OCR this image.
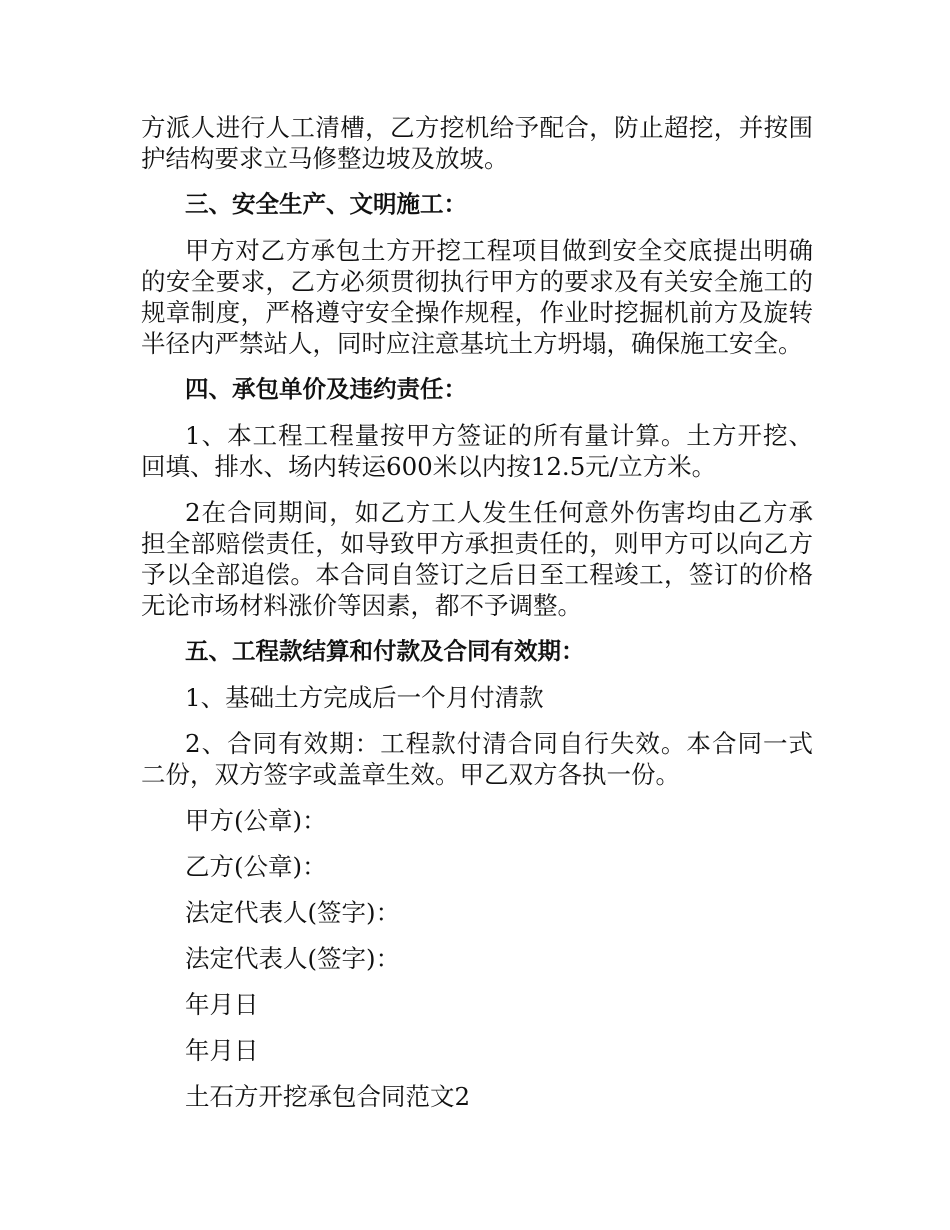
方派人进行人工清槽，乙方挖机给予配合，防止超挖，并按围护结构要求立马修整边坡及放坡。

三、安全生产、文明施工：

甲方对乙方承包土方开挖工程项目做到安全交底提出明确的安全要求，乙方必须贯彻执行甲方的要求及有关安全施工的规章制度，严格遵守安全操作规程，作业时挖掘机前方及旋转半径内严禁站人，同时应注意基坑土方坍塌，确保施工安全。

四、承包单价及违约责任：

1、本工程工程量按甲方签证的所有量计算。土方开挖、回填、排水、场内转运600米以内按12.5元/立方米。

2在合同期间，如乙方工人发生任何意外伤害均由乙方承担全部赔偿责任，如导致甲方承担责任的，则甲方可以向乙方予以全部追偿。本合同自签订之后日至工程竣工，签订的价格无论市场材料涨价等因素，都不予调整。

五、工程款结算和付款及合同有效期：

1、基础土方完成后一个月付清款

2、合同有效期：工程款付清合同自行失效。本合同一式二份，双方签字或盖章生效。甲乙双方各执一份。

甲方(公章)：

乙方(公章)：

法定代表人(签字)：

法定代表人(签字)：

年月日

年月日

土石方开挖承包合同范文2
